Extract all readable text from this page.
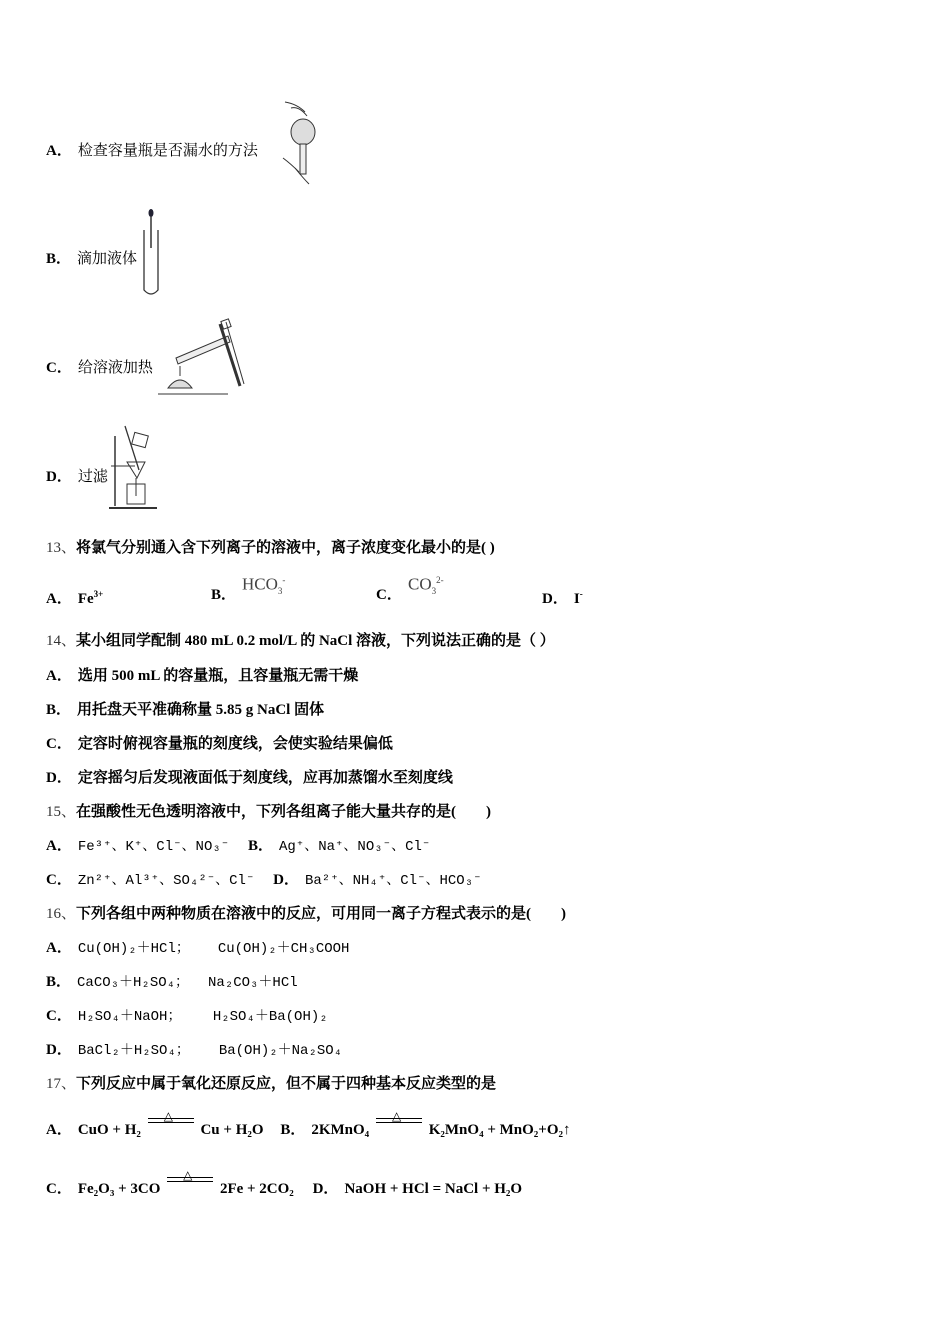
A． 检查容量瓶是否漏水的方法
B． 滴加液体
C． 给溶液加热
D． 过滤
13、将氯气分别通入含下列离子的溶液中，离子浓度变化最小的是( )
A． $Fe^{3+}$	B．
$HCO_3^-$
C．
$CO_3^{2-}$
D． I-
14、某小组同学配制 480 mL 0.2 mol/L 的 NaCl 溶液，下列说法正确的是（ ）
A． 选用 500 mL 的容量瓶，且容量瓶无需干燥
B． 用托盘天平准确称量 5.85 g NaCl 固体
C． 定容时俯视容量瓶的刻度线，会使实验结果偏低
D． 定容摇匀后发现液面低于刻度线，应再加蒸馏水至刻度线
15、在强酸性无色透明溶液中，下列各组离子能大量共存的是(　　)
A． Fe³⁺、K⁺、Cl⁻、NO₃⁻ B． Ag⁺、Na⁺、NO₃⁻、Cl⁻
C． Zn²⁺、Al³⁺、SO₄²⁻、Cl⁻ D． Ba²⁺、NH₄⁺、Cl⁻、HCO₃⁻
16、下列各组中两种物质在溶液中的反应，可用同一离子方程式表示的是(　　)
A． Cu(OH)₂＋HCl； Cu(OH)₂＋CH₃COOH
B． CaCO₃＋H₂SO₄； Na₂CO₃＋HCl
C． H₂SO₄＋NaOH； H₂SO₄＋Ba(OH)₂
D． BaCl₂＋H₂SO₄； Ba(OH)₂＋Na₂SO₄
17、下列反应中属于氧化还原反应，但不属于四种基本反应类型的是
A． CuO + H₂
△
Cu + H₂O B． 2KMnO₄
△
K₂MnO₄ + MnO₂+O₂↑
C． Fe₂O₃ + 3CO
△
2Fe + 2CO₂ D． NaOH + HCl = NaCl + H₂O
